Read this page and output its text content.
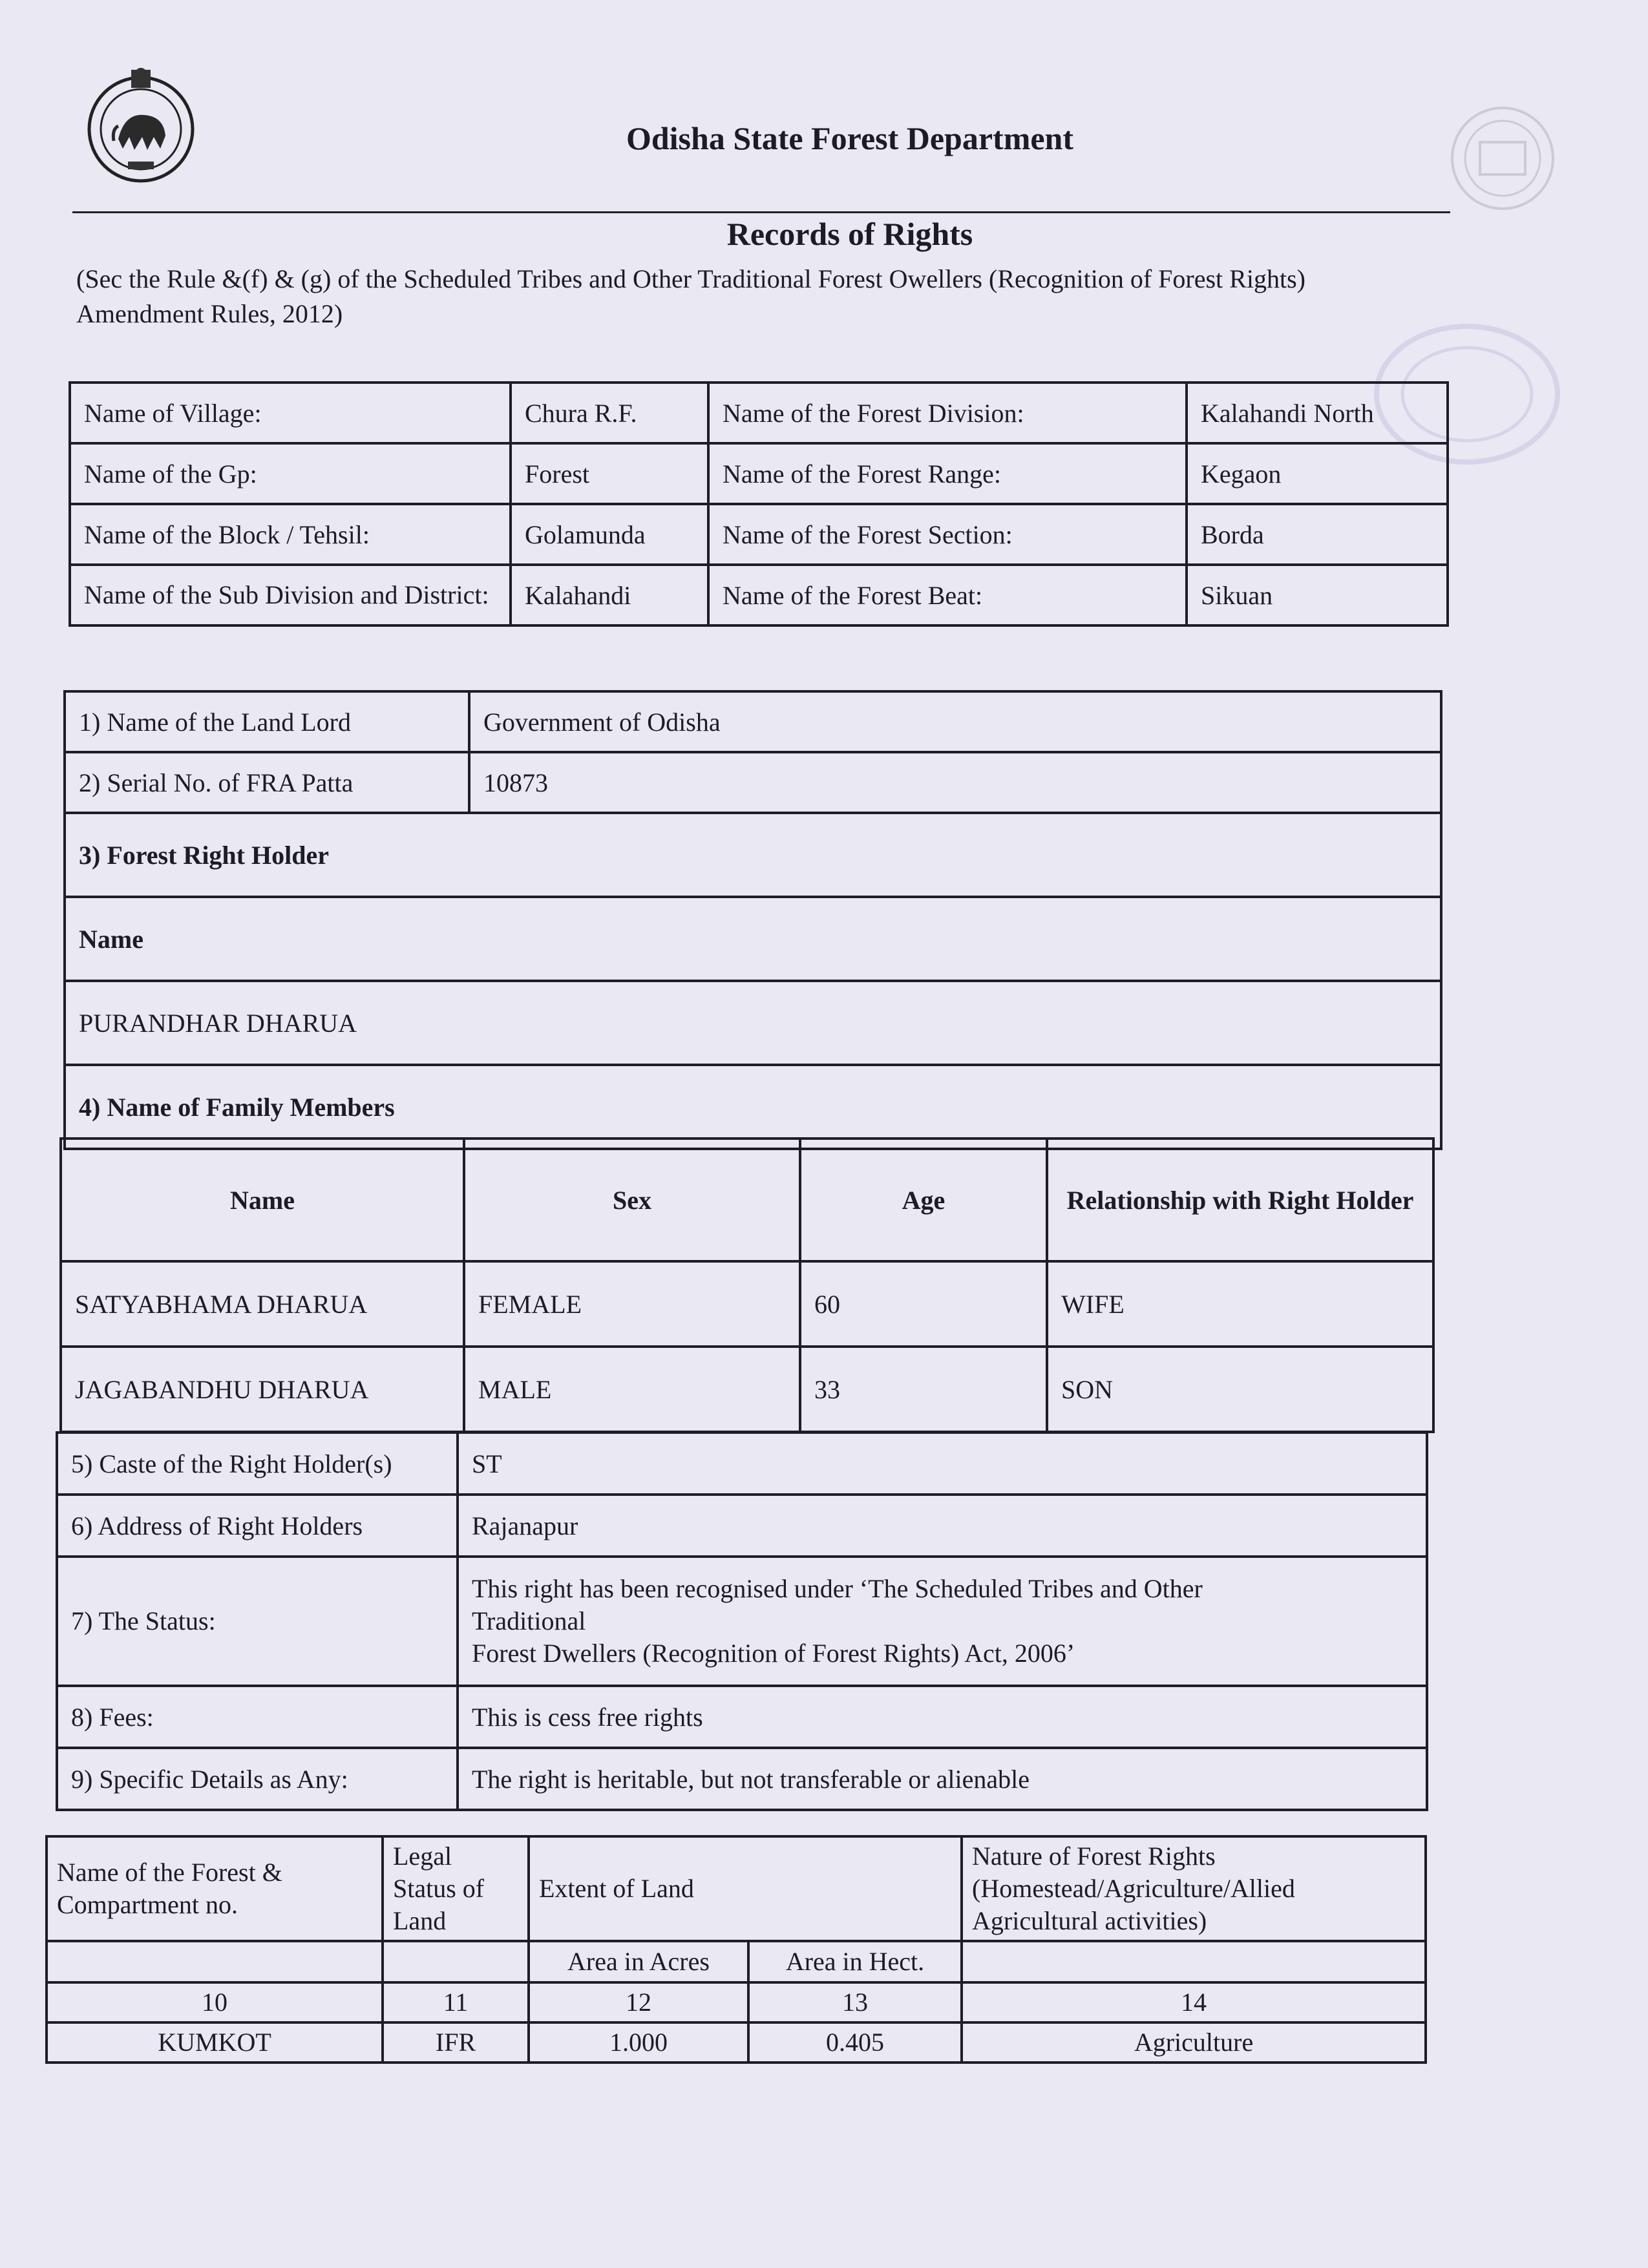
Odisha State Forest Department
Records of Rights
(Sec the Rule &(f) & (g) of the Scheduled Tribes and Other Traditional Forest Owellers (Recognition of Forest Rights) Amendment Rules, 2012)
Name of Village:	Chura R.F.	Name of the Forest Division:	Kalahandi North
Name of the Gp:	Forest	Name of the Forest Range:	Kegaon
Name of the Block / Tehsil:	Golamunda	Name of the Forest Section:	Borda
Name of the Sub Division and District:	Kalahandi	Name of the Forest Beat:	Sikuan
1) Name of the Land Lord	Government of Odisha
2) Serial No. of FRA Patta	10873
3) Forest Right Holder	
Name	
PURANDHAR DHARUA	
4) Name of Family Members	
Name	Sex	Age	Relationship with Right Holder
SATYABHAMA DHARUA	FEMALE	60	WIFE
JAGABANDHU DHARUA	MALE	33	SON
5) Caste of the Right Holder(s)	ST
6) Address of Right Holders	Rajanapur
7) The Status:	This right has been recognised under ‘The Scheduled Tribes and Other
Traditional
Forest Dwellers (Recognition of Forest Rights) Act, 2006’

8) Fees:	This is cess free rights
9) Specific Details as Any:	The right is heritable, but not transferable or alienable
Name of the Forest & Compartment no.	Legal Status of Land	Extent of Land		Nature of Forest Rights (Homestead/Agriculture/Allied Agricultural activities)
		Area in Acres	Area in Hect.	
10	11	12	13	14
KUMKOT	IFR	1.000	0.405	Agriculture
